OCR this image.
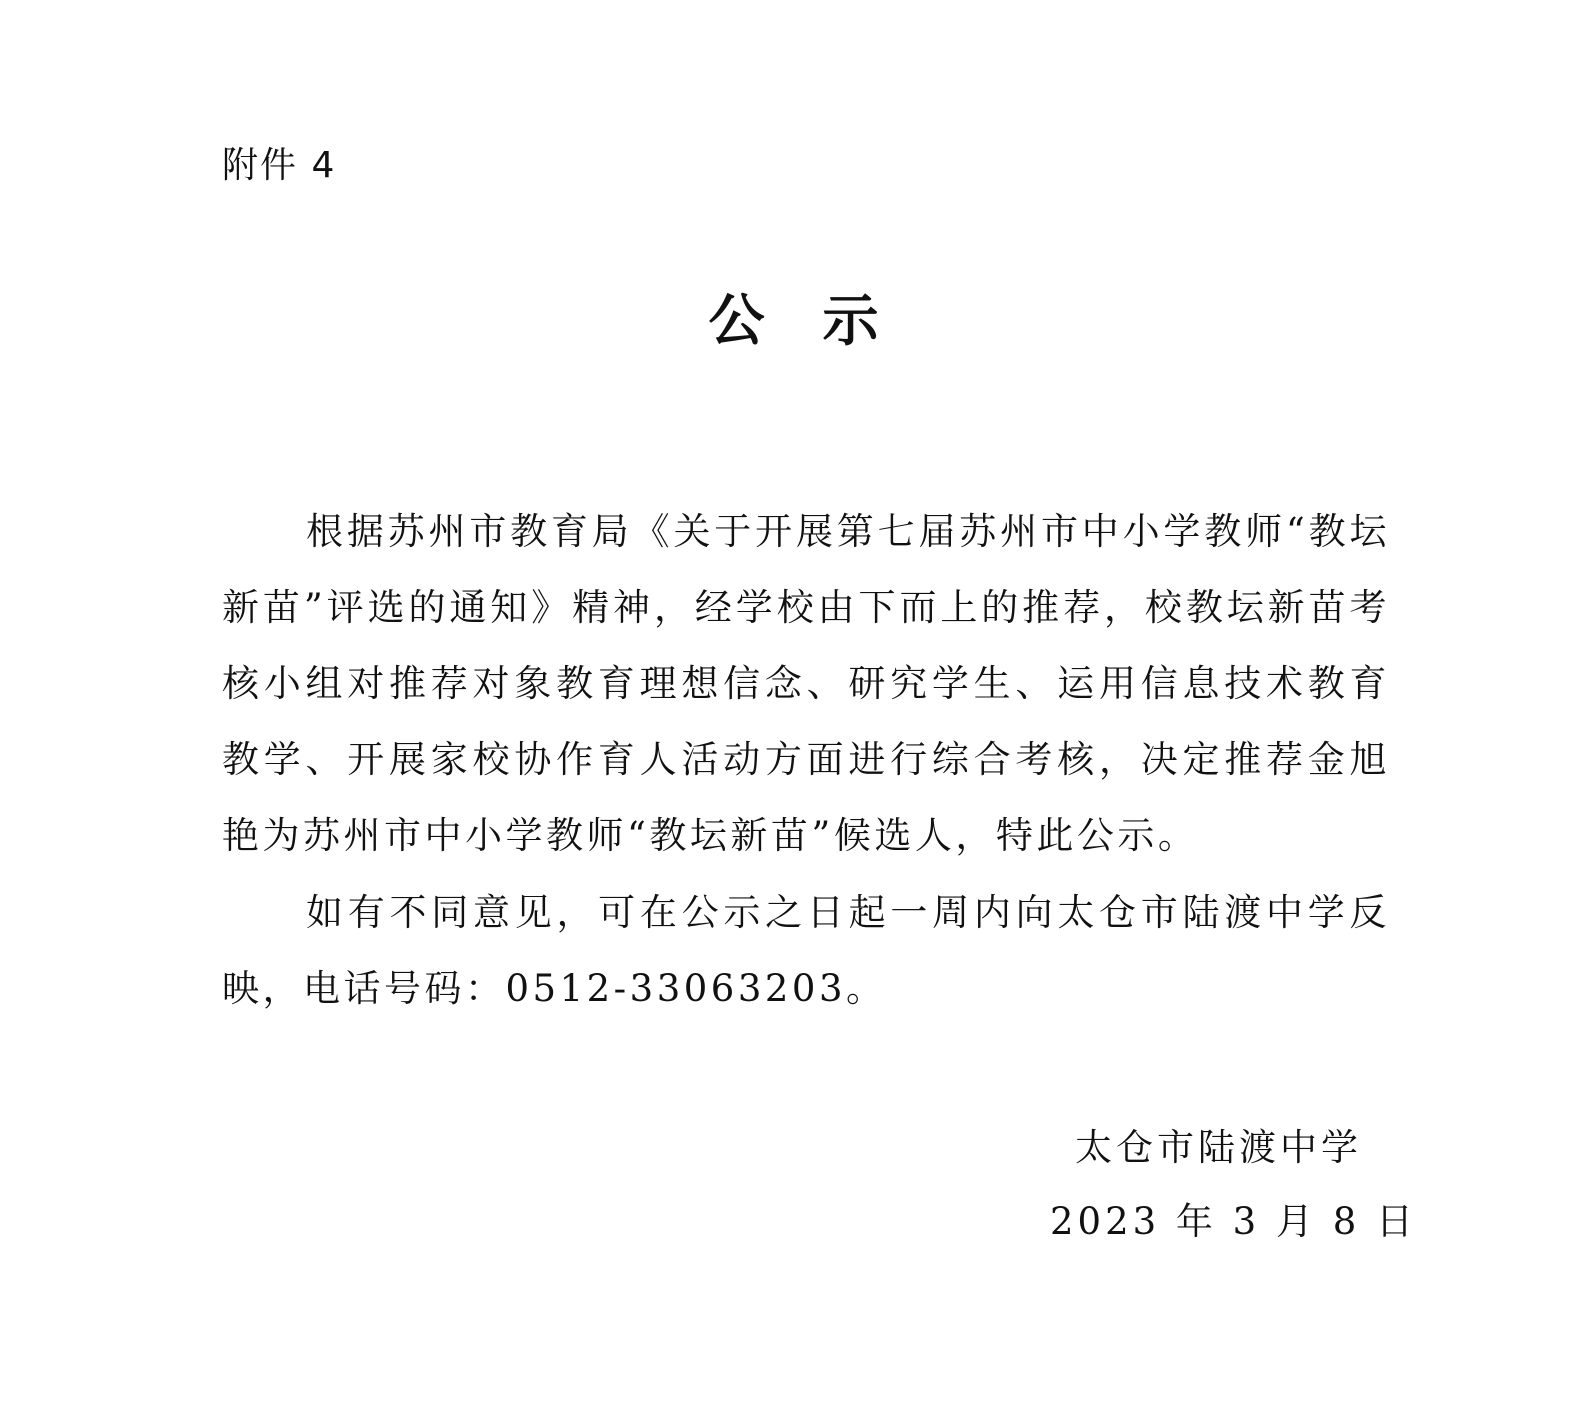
附件 4
公示

根据苏州市教育局《关于开展第七届苏州市中小学教师“教坛新苗”评选的通知》精神，经学校由下而上的推荐，校教坛新苗考核小组对推荐对象教育理想信念、研究学生、运用信息技术教育教学、开展家校协作育人活动方面进行综合考核，决定推荐金旭艳为苏州市中小学教师“教坛新苗”候选人，特此公示。

如有不同意见，可在公示之日起一周内向太仓市陆渡中学反映，电话号码：0512-33063203。

太仓市陆渡中学
2023 年 3 月 8 日
